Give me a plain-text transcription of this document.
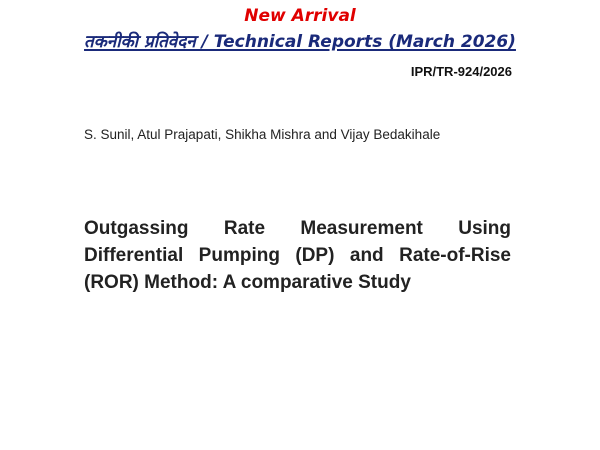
New Arrival
तकनीकी प्रतिवेदन / Technical Reports (March 2026)
IPR/TR-924/2026
S. Sunil, Atul Prajapati, Shikha Mishra and Vijay Bedakihale
Outgassing Rate Measurement Using Differential Pumping (DP) and Rate-of-Rise (ROR) Method: A comparative Study
